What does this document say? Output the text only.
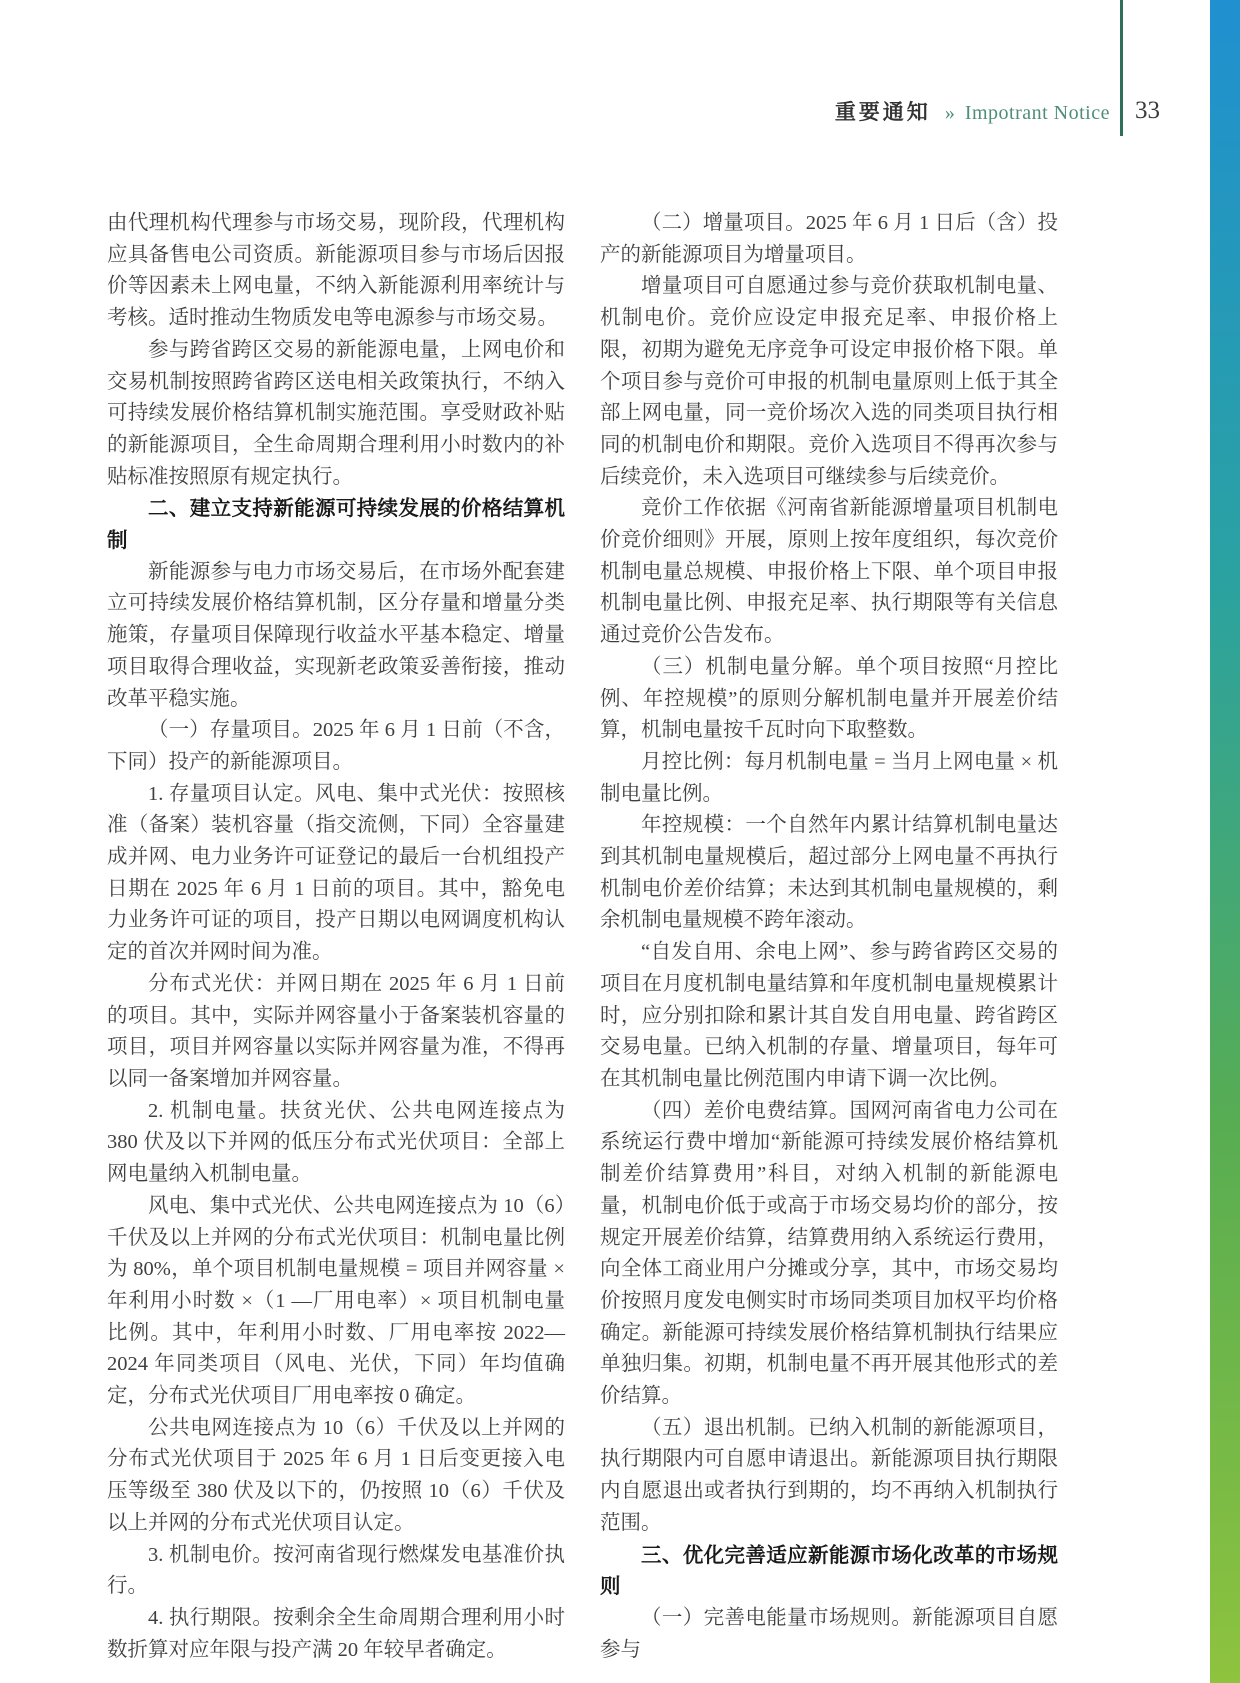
重要通知 » Impotrant Notice 33

由代理机构代理参与市场交易，现阶段，代理机构应具备售电公司资质。新能源项目参与市场后因报价等因素未上网电量，不纳入新能源利用率统计与考核。适时推动生物质发电等电源参与市场交易。

参与跨省跨区交易的新能源电量，上网电价和交易机制按照跨省跨区送电相关政策执行，不纳入可持续发展价格结算机制实施范围。享受财政补贴的新能源项目，全生命周期合理利用小时数内的补贴标准按照原有规定执行。

二、建立支持新能源可持续发展的价格结算机制

新能源参与电力市场交易后，在市场外配套建立可持续发展价格结算机制，区分存量和增量分类施策，存量项目保障现行收益水平基本稳定、增量项目取得合理收益，实现新老政策妥善衔接，推动改革平稳实施。

（一）存量项目。2025 年 6 月 1 日前（不含，下同）投产的新能源项目。

1. 存量项目认定。风电、集中式光伏：按照核准（备案）装机容量（指交流侧，下同）全容量建成并网、电力业务许可证登记的最后一台机组投产日期在 2025 年 6 月 1 日前的项目。其中，豁免电力业务许可证的项目，投产日期以电网调度机构认定的首次并网时间为准。

分布式光伏：并网日期在 2025 年 6 月 1 日前的项目。其中，实际并网容量小于备案装机容量的项目，项目并网容量以实际并网容量为准，不得再以同一备案增加并网容量。

2. 机制电量。扶贫光伏、公共电网连接点为 380 伏及以下并网的低压分布式光伏项目：全部上网电量纳入机制电量。

风电、集中式光伏、公共电网连接点为 10（6）千伏及以上并网的分布式光伏项目：机制电量比例为 80%，单个项目机制电量规模 = 项目并网容量 × 年利用小时数 ×（1 —厂用电率）× 项目机制电量比例。其中，年利用小时数、厂用电率按 2022—2024 年同类项目（风电、光伏，下同）年均值确定，分布式光伏项目厂用电率按 0 确定。

公共电网连接点为 10（6）千伏及以上并网的分布式光伏项目于 2025 年 6 月 1 日后变更接入电压等级至 380 伏及以下的，仍按照 10（6）千伏及以上并网的分布式光伏项目认定。

3. 机制电价。按河南省现行燃煤发电基准价执行。

4. 执行期限。按剩余全生命周期合理利用小时数折算对应年限与投产满 20 年较早者确定。

（二）增量项目。2025 年 6 月 1 日后（含）投产的新能源项目为增量项目。

增量项目可自愿通过参与竞价获取机制电量、机制电价。竞价应设定申报充足率、申报价格上限，初期为避免无序竞争可设定申报价格下限。单个项目参与竞价可申报的机制电量原则上低于其全部上网电量，同一竞价场次入选的同类项目执行相同的机制电价和期限。竞价入选项目不得再次参与后续竞价，未入选项目可继续参与后续竞价。

竞价工作依据《河南省新能源增量项目机制电价竞价细则》开展，原则上按年度组织，每次竞价机制电量总规模、申报价格上下限、单个项目申报机制电量比例、申报充足率、执行期限等有关信息通过竞价公告发布。

（三）机制电量分解。单个项目按照“月控比例、年控规模”的原则分解机制电量并开展差价结算，机制电量按千瓦时向下取整数。

月控比例：每月机制电量 = 当月上网电量 × 机制电量比例。

年控规模：一个自然年内累计结算机制电量达到其机制电量规模后，超过部分上网电量不再执行机制电价差价结算；未达到其机制电量规模的，剩余机制电量规模不跨年滚动。

“自发自用、余电上网”、参与跨省跨区交易的项目在月度机制电量结算和年度机制电量规模累计时，应分别扣除和累计其自发自用电量、跨省跨区交易电量。已纳入机制的存量、增量项目，每年可在其机制电量比例范围内申请下调一次比例。

（四）差价电费结算。国网河南省电力公司在系统运行费中增加“新能源可持续发展价格结算机制差价结算费用”科目，对纳入机制的新能源电量，机制电价低于或高于市场交易均价的部分，按规定开展差价结算，结算费用纳入系统运行费用，向全体工商业用户分摊或分享，其中，市场交易均价按照月度发电侧实时市场同类项目加权平均价格确定。新能源可持续发展价格结算机制执行结果应单独归集。初期，机制电量不再开展其他形式的差价结算。

（五）退出机制。已纳入机制的新能源项目，执行期限内可自愿申请退出。新能源项目执行期限内自愿退出或者执行到期的，均不再纳入机制执行范围。

三、优化完善适应新能源市场化改革的市场规则

（一）完善电能量市场规则。新能源项目自愿参与
